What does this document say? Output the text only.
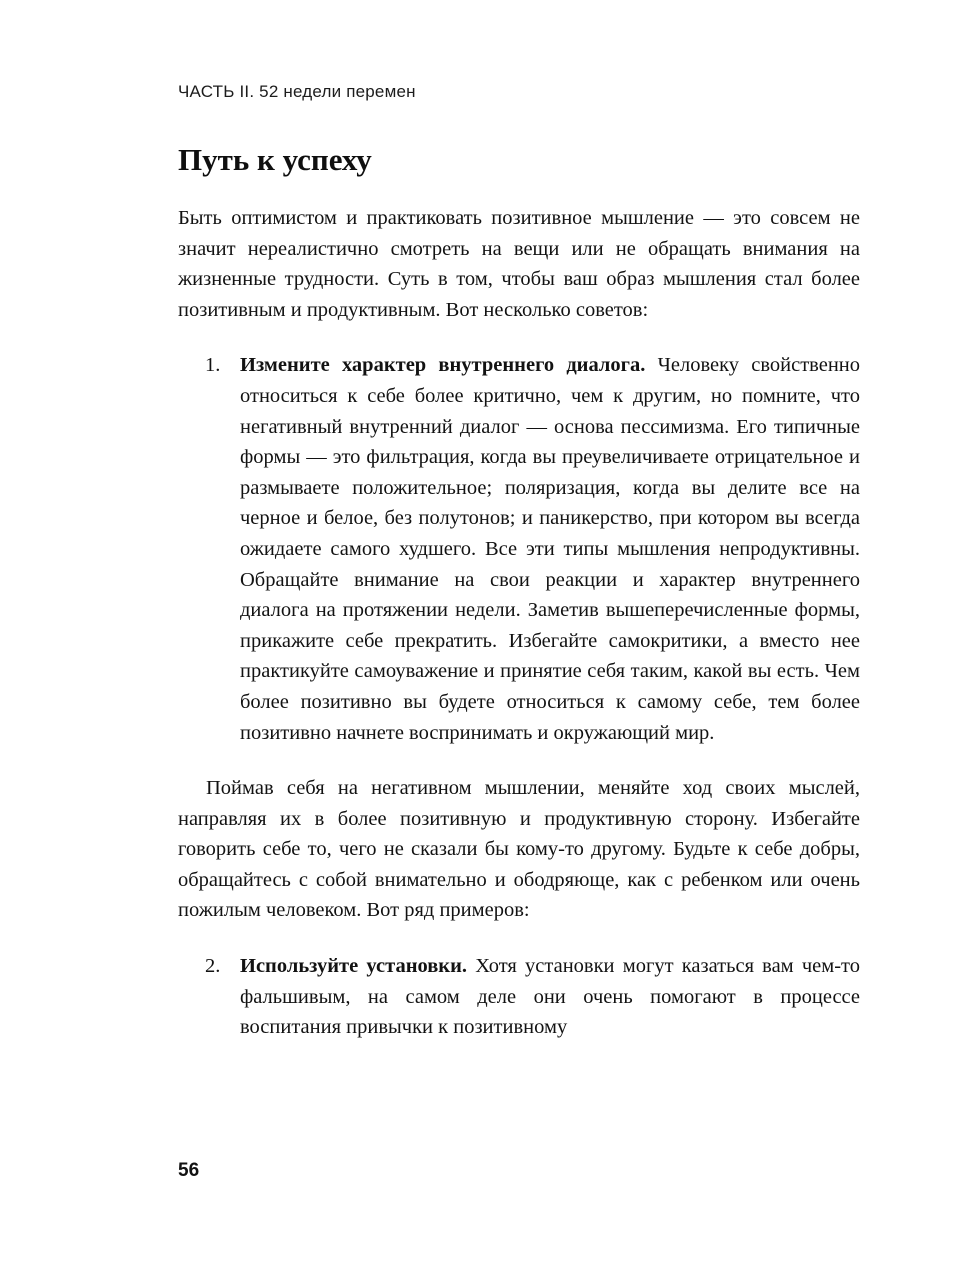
ЧАСТЬ II. 52 недели перемен
Путь к успеху

Быть оптимистом и практиковать позитивное мышление — это совсем не значит нереалистично смотреть на вещи или не обращать внимания на жизненные трудности. Суть в том, чтобы ваш образ мышления стал более позитивным и продуктивным. Вот несколько советов:

1. Измените характер внутреннего диалога. Человеку свойственно относиться к себе более критично, чем к другим, но помните, что негативный внутренний диалог — основа пессимизма. Его типичные формы — это фильтрация, когда вы преувеличиваете отрицательное и размываете положительное; поляризация, когда вы делите все на черное и белое, без полутонов; и паникерство, при котором вы всегда ожидаете самого худшего. Все эти типы мышления непродуктивны. Обращайте внимание на свои реакции и характер внутреннего диалога на протяжении недели. Заметив вышеперечисленные формы, прикажите себе прекратить. Избегайте самокритики, а вместо нее практикуйте самоуважение и принятие себя таким, какой вы есть. Чем более позитивно вы будете относиться к самому себе, тем более позитивно начнете воспринимать и окружающий мир.

Поймав себя на негативном мышлении, меняйте ход своих мыслей, направляя их в более позитивную и продуктивную сторону. Избегайте говорить себе то, чего не сказали бы кому-то другому. Будьте к себе добры, обращайтесь с собой внимательно и ободряюще, как с ребенком или очень пожилым человеком. Вот ряд примеров:

2. Используйте установки. Хотя установки могут казаться вам чем-то фальшивым, на самом деле они очень помогают в процессе воспитания привычки к позитивному
56
